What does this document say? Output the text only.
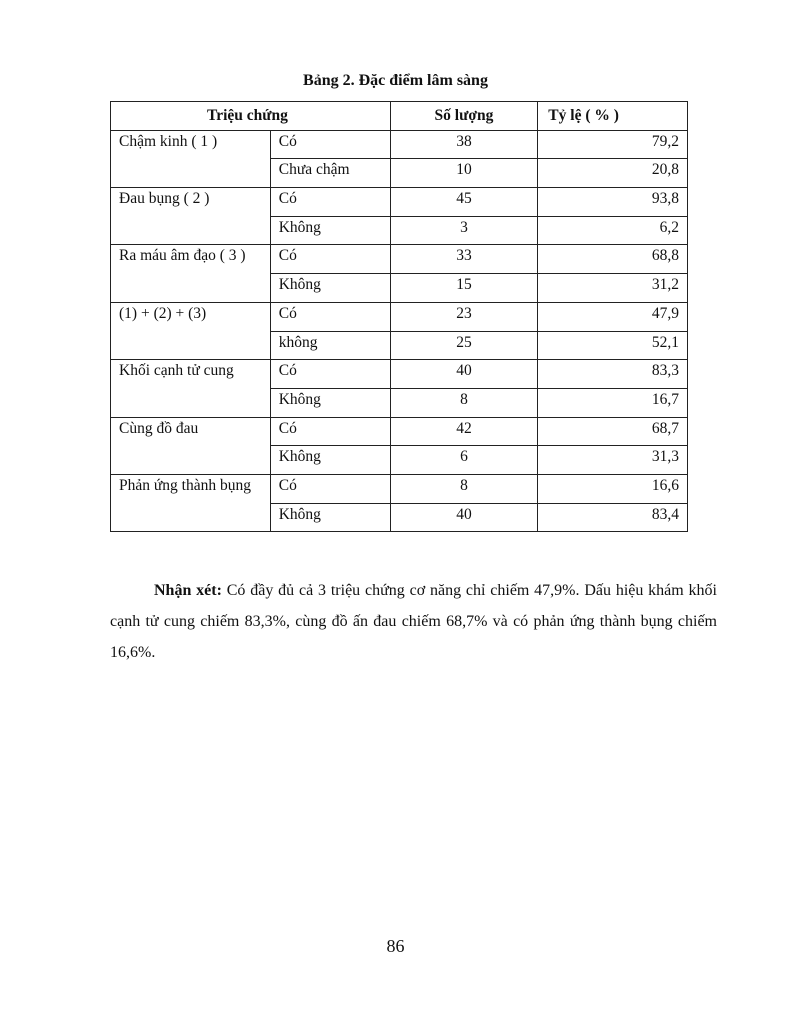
Bảng 2. Đặc điểm lâm sàng
Triệu chứng		Số lượng	Tỷ lệ ( % )
Chậm kinh ( 1 )	Có	38	79,2
	Chưa chậm	10	20,8
Đau bụng ( 2 )	Có	45	93,8
	Không	3	6,2
Ra máu âm đạo ( 3 )	Có	33	68,8
	Không	15	31,2
(1) + (2) + (3)	Có	23	47,9
	không	25	52,1
Khối cạnh tử cung	Có	40	83,3
	Không	8	16,7
Cùng đồ đau	Có	42	68,7
	Không	6	31,3
Phản ứng thành bụng	Có	8	16,6
	Không	40	83,4

Nhận xét: Có đầy đủ cả 3 triệu chứng cơ năng chỉ chiếm 47,9%. Dấu hiệu khám khối cạnh tử cung chiếm 83,3%, cùng đồ ấn đau chiếm 68,7% và có phản ứng thành bụng chiếm 16,6%.

86
